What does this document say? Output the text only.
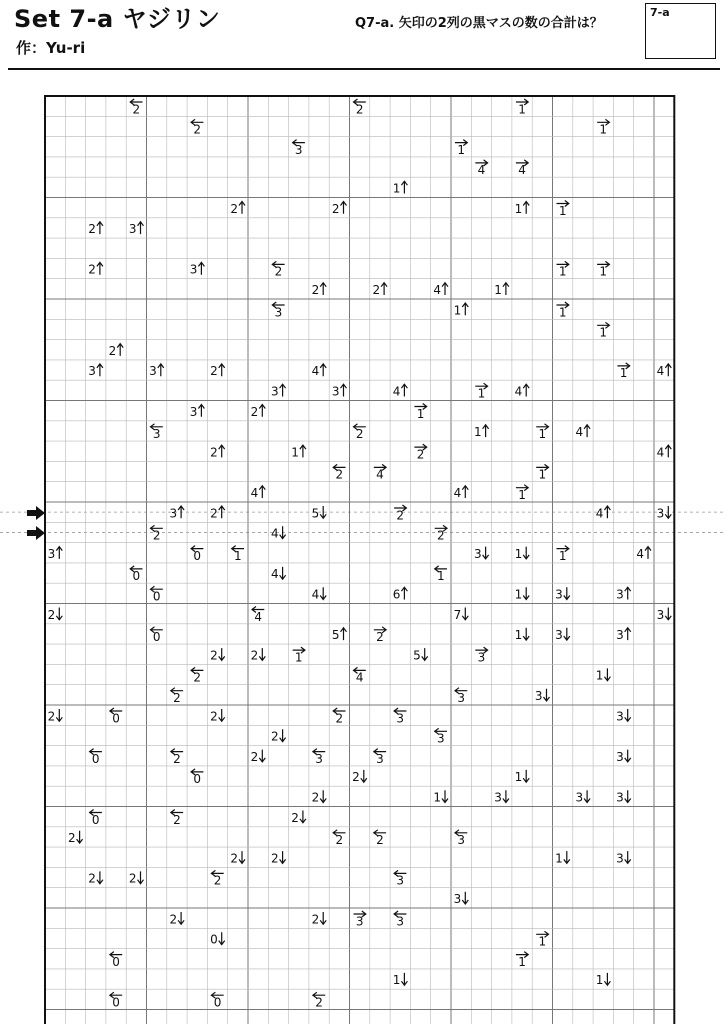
Set 7-a ヤジリン
作：Yu-ri
Q7-a. 矢印の2列の黒マスの数の合計は？
7-a
2	2	1
2	1
3	1
4	4
1
2	2	1	1
2	3
2	3	2	1	1
2	2	4	1
3	1	1
1
2
3	3	2	4	1 4
3	3	4	1 4
3	2	1
3	2	1	1 4
2	1	2	4
2	4	1
4	4	1
3	2	5	2	4	3
2	4	2
3	0	1	3	1	1	4
0	4	1
0	4	6	1	3	3
2	4	7	3
0	5	2	1	3	3
2	2	1	5	3
2	4	1
2	3	3
2	0	2	2	3	3
2	3
0	2	2	3	3	3
0	2	1
2	1	3	3	3
0	2	2
2	2	2	3
2	2	1	3
2	2	2	3
3
2	2	3	3
0	1
0	1
1	1
0	0	2
